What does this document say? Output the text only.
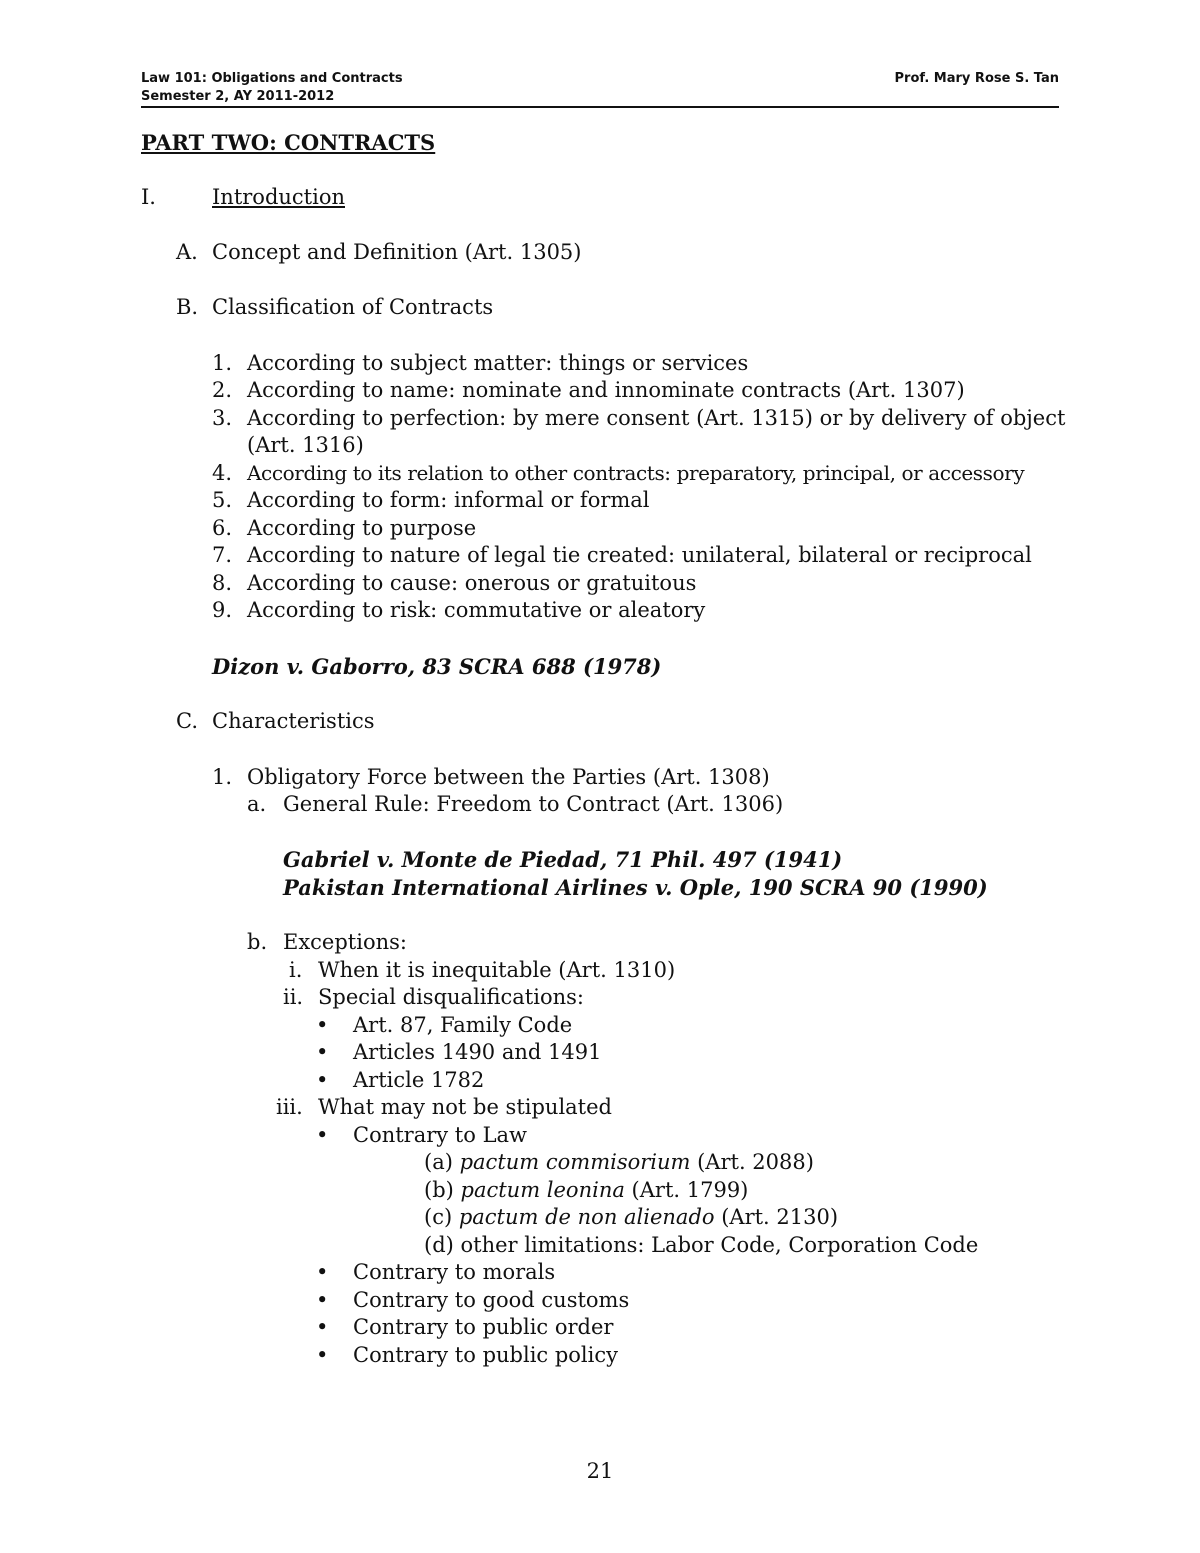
Law 101: Obligations and Contracts
Semester 2, AY 2011-2012
Prof. Mary Rose S. Tan
PART TWO: CONTRACTS
I.	Introduction
A. Concept and Definition (Art. 1305)
B. Classification of Contracts
1. According to subject matter: things or services
2. According to name: nominate and innominate contracts (Art. 1307)
3. According to perfection: by mere consent (Art. 1315) or by delivery of object
(Art. 1316)
4. According to its relation to other contracts: preparatory, principal, or accessory
5. According to form: informal or formal
6. According to purpose
7. According to nature of legal tie created: unilateral, bilateral or reciprocal
8. According to cause: onerous or gratuitous
9. According to risk: commutative or aleatory
Dizon v. Gaborro, 83 SCRA 688 (1978)
C. Characteristics
1. Obligatory Force between the Parties (Art. 1308)
a. General Rule: Freedom to Contract (Art. 1306)
Gabriel v. Monte de Piedad, 71 Phil. 497 (1941)
Pakistan International Airlines v. Ople, 190 SCRA 90 (1990)
b. Exceptions:
i. When it is inequitable (Art. 1310)
ii. Special disqualifications:
• Art. 87, Family Code
• Articles 1490 and 1491
• Article 1782
iii. What may not be stipulated
• Contrary to Law
(a) pactum commisorium (Art. 2088)
(b) pactum leonina (Art. 1799)
(c) pactum de non alienado (Art. 2130)
(d) other limitations: Labor Code, Corporation Code
• Contrary to morals
• Contrary to good customs
• Contrary to public order
• Contrary to public policy
21
